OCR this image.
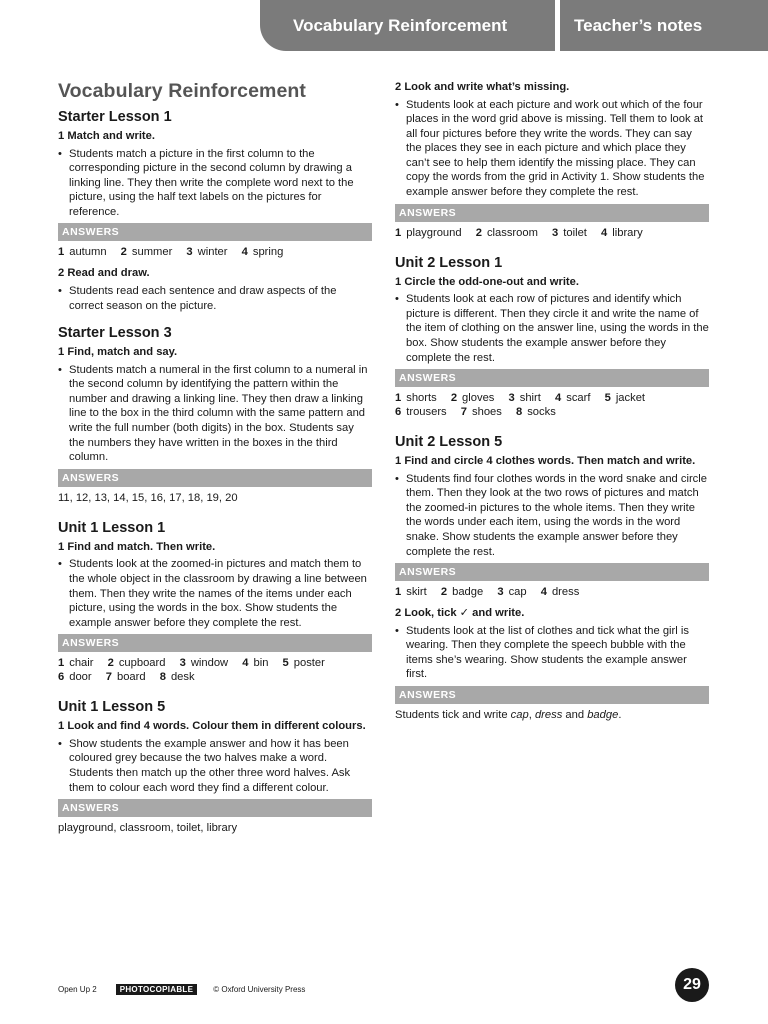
Vocabulary Reinforcement	Teacher’s notes
Vocabulary Reinforcement
Starter Lesson 1
1 Match and write.
• Students match a picture in the first column to the corresponding picture in the second column by drawing a linking line. They then write the complete word next to the picture, using the half text labels on the pictures for reference.
ANSWERS
1 autumn 2 summer 3 winter 4 spring
2 Read and draw.
• Students read each sentence and draw aspects of the correct season on the picture.
Starter Lesson 3
1 Find, match and say.
• Students match a numeral in the first column to a numeral in the second column by identifying the pattern within the number and drawing a linking line. They then draw a linking line to the box in the third column with the same pattern and write the full number (both digits) in the box. Students say the numbers they have written in the boxes in the third column.
ANSWERS
11, 12, 13, 14, 15, 16, 17, 18, 19, 20
Unit 1 Lesson 1
1 Find and match. Then write.
• Students look at the zoomed-in pictures and match them to the whole object in the classroom by drawing a line between them. Then they write the names of the items under each picture, using the words in the box. Show students the example answer before they complete the rest.
ANSWERS
1 chair 2 cupboard 3 window 4 bin 5 poster
6 door 7 board 8 desk
Unit 1 Lesson 5
1 Look and find 4 words. Colour them in different colours.
• Show students the example answer and how it has been coloured grey because the two halves make a word. Students then match up the other three word halves. Ask them to colour each word they find a different colour.
ANSWERS
playground, classroom, toilet, library
2 Look and write what’s missing.
• Students look at each picture and work out which of the four places in the word grid above is missing. Tell them to look at all four pictures before they write the words. They can say the places they see in each picture and which place they can’t see to help them identify the missing place. They can copy the words from the grid in Activity 1. Show students the example answer before they complete the rest.
ANSWERS
1 playground 2 classroom 3 toilet 4 library
Unit 2 Lesson 1
1 Circle the odd-one-out and write.
• Students look at each row of pictures and identify which picture is different. Then they circle it and write the name of the item of clothing on the answer line, using the words in the box. Show students the example answer before they complete the rest.
ANSWERS
1 shorts 2 gloves 3 shirt 4 scarf 5 jacket
6 trousers 7 shoes 8 socks
Unit 2 Lesson 5
1 Find and circle 4 clothes words. Then match and write.
• Students find four clothes words in the word snake and circle them. Then they look at the two rows of pictures and match the zoomed-in pictures to the whole items. Then they write the words under each item, using the words in the word snake. Show students the example answer before they complete the rest.
ANSWERS
1 skirt 2 badge 3 cap 4 dress
2 Look, tick ✓ and write.
• Students look at the list of clothes and tick what the girl is wearing. Then they complete the speech bubble with the items she’s wearing. Show students the example answer first.
ANSWERS
Students tick and write cap, dress and badge.
Open Up 2	PHOTOCOPIABLE	© Oxford University Press	29
